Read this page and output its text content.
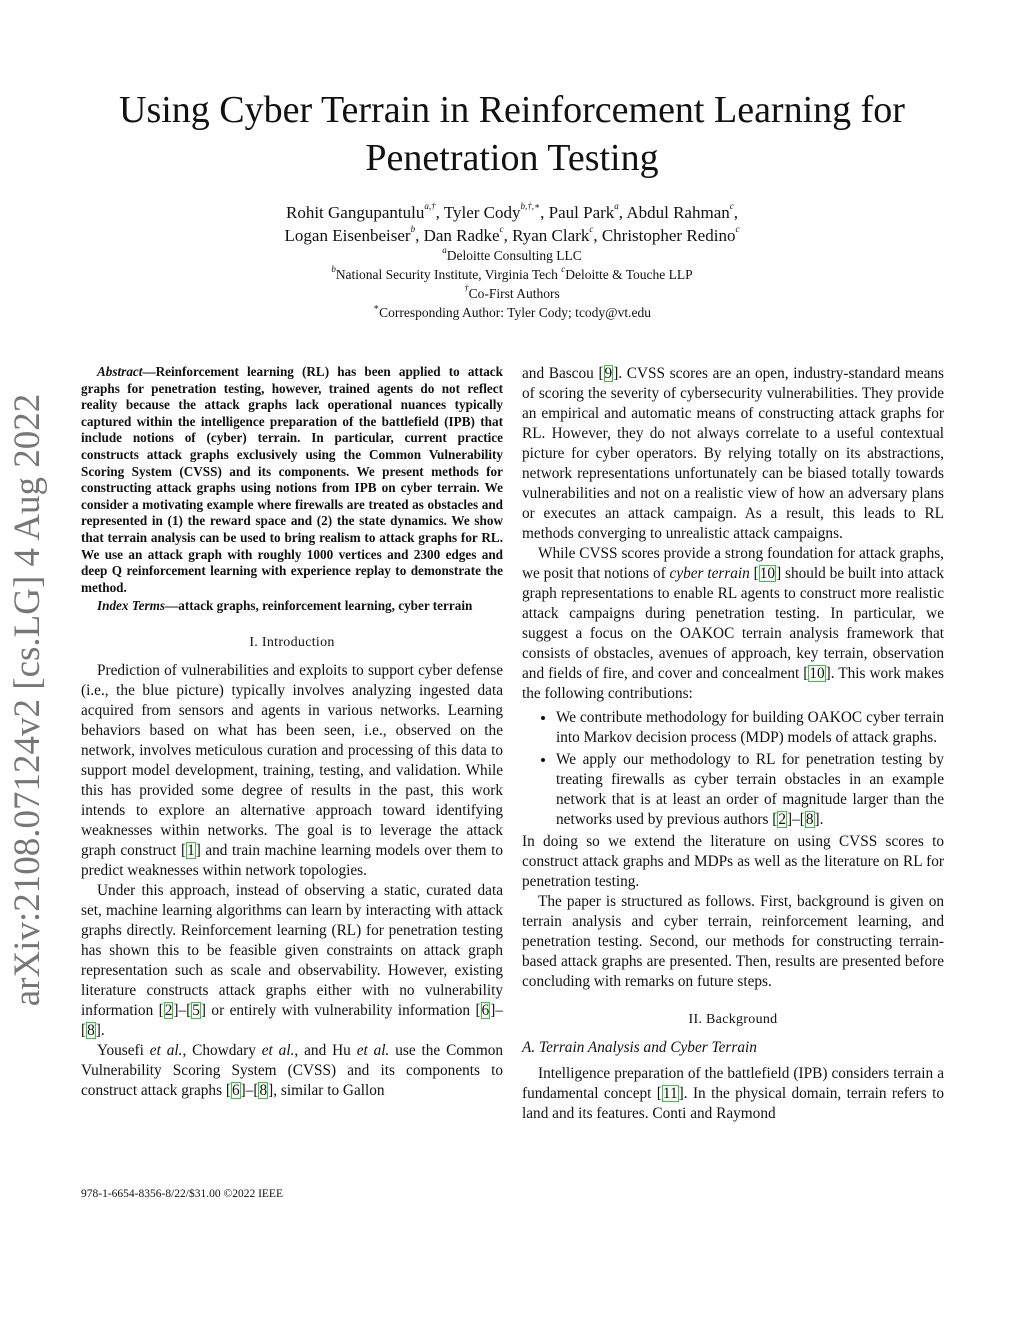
Using Cyber Terrain in Reinforcement Learning for Penetration Testing
Rohit Gangupantulu$^{a,\dagger}$, Tyler Cody$^{b,\dagger,∗}$, Paul Park$^a$, Abdul Rahman$^c$,
Logan Eisenbeiser$^b$, Dan Radke$^c$, Ryan Clark$^c$, Christopher Redino$^c$
$^a$Deloitte Consulting LLC
$^b$National Security Institute, Virginia Tech $^c$Deloitte & Touche LLP
†Co-First Authors
∗Corresponding Author: Tyler Cody; tcody@vt.edu
arXiv:2108.07124v2 [cs.LG] 4 Aug 2022

Abstract—Reinforcement learning (RL) has been applied to attack graphs for penetration testing, however, trained agents do not reflect reality because the attack graphs lack operational nuances typically captured within the intelligence preparation of the battlefield (IPB) that include notions of (cyber) terrain. In particular, current practice constructs attack graphs exclusively using the Common Vulnerability Scoring System (CVSS) and its components. We present methods for constructing attack graphs using notions from IPB on cyber terrain. We consider a motivating example where firewalls are treated as obstacles and represented in (1) the reward space and (2) the state dynamics. We show that terrain analysis can be used to bring realism to attack graphs for RL. We use an attack graph with roughly 1000 vertices and 2300 edges and deep Q reinforcement learning with experience replay to demonstrate the method.

Index Terms—attack graphs, reinforcement learning, cyber terrain

I. Introduction

Prediction of vulnerabilities and exploits to support cyber defense (i.e., the blue picture) typically involves analyzing ingested data acquired from sensors and agents in various networks. Learning behaviors based on what has been seen, i.e., observed on the network, involves meticulous curation and processing of this data to support model development, training, testing, and validation. While this has provided some degree of results in the past, this work intends to explore an alternative approach toward identifying weaknesses within networks. The goal is to leverage the attack graph construct [1] and train machine learning models over them to predict weaknesses within network topologies.

Under this approach, instead of observing a static, curated data set, machine learning algorithms can learn by interacting with attack graphs directly. Reinforcement learning (RL) for penetration testing has shown this to be feasible given constraints on attack graph representation such as scale and observability. However, existing literature constructs attack graphs either with no vulnerability information [2]–[5] or entirely with vulnerability information [6]–[8].

Yousefi et al., Chowdary et al., and Hu et al. use the Common Vulnerability Scoring System (CVSS) and its components to construct attack graphs [6]–[8], similar to Gallon

and Bascou [9]. CVSS scores are an open, industry-standard means of scoring the severity of cybersecurity vulnerabilities. They provide an empirical and automatic means of constructing attack graphs for RL. However, they do not always correlate to a useful contextual picture for cyber operators. By relying totally on its abstractions, network representations unfortunately can be biased totally towards vulnerabilities and not on a realistic view of how an adversary plans or executes an attack campaign. As a result, this leads to RL methods converging to unrealistic attack campaigns.

While CVSS scores provide a strong foundation for attack graphs, we posit that notions of cyber terrain [10] should be built into attack graph representations to enable RL agents to construct more realistic attack campaigns during penetration testing. In particular, we suggest a focus on the OAKOC terrain analysis framework that consists of obstacles, avenues of approach, key terrain, observation and fields of fire, and cover and concealment [10]. This work makes the following contributions:

• We contribute methodology for building OAKOC cyber terrain into Markov decision process (MDP) models of attack graphs.
• We apply our methodology to RL for penetration testing by treating firewalls as cyber terrain obstacles in an example network that is at least an order of magnitude larger than the networks used by previous authors [2]–[8].

In doing so we extend the literature on using CVSS scores to construct attack graphs and MDPs as well as the literature on RL for penetration testing.

The paper is structured as follows. First, background is given on terrain analysis and cyber terrain, reinforcement learning, and penetration testing. Second, our methods for constructing terrain-based attack graphs are presented. Then, results are presented before concluding with remarks on future steps.

II. Background
A. Terrain Analysis and Cyber Terrain

Intelligence preparation of the battlefield (IPB) considers terrain a fundamental concept [11]. In the physical domain, terrain refers to land and its features. Conti and Raymond

978-1-6654-8356-8/22/$31.00 ©2022 IEEE
